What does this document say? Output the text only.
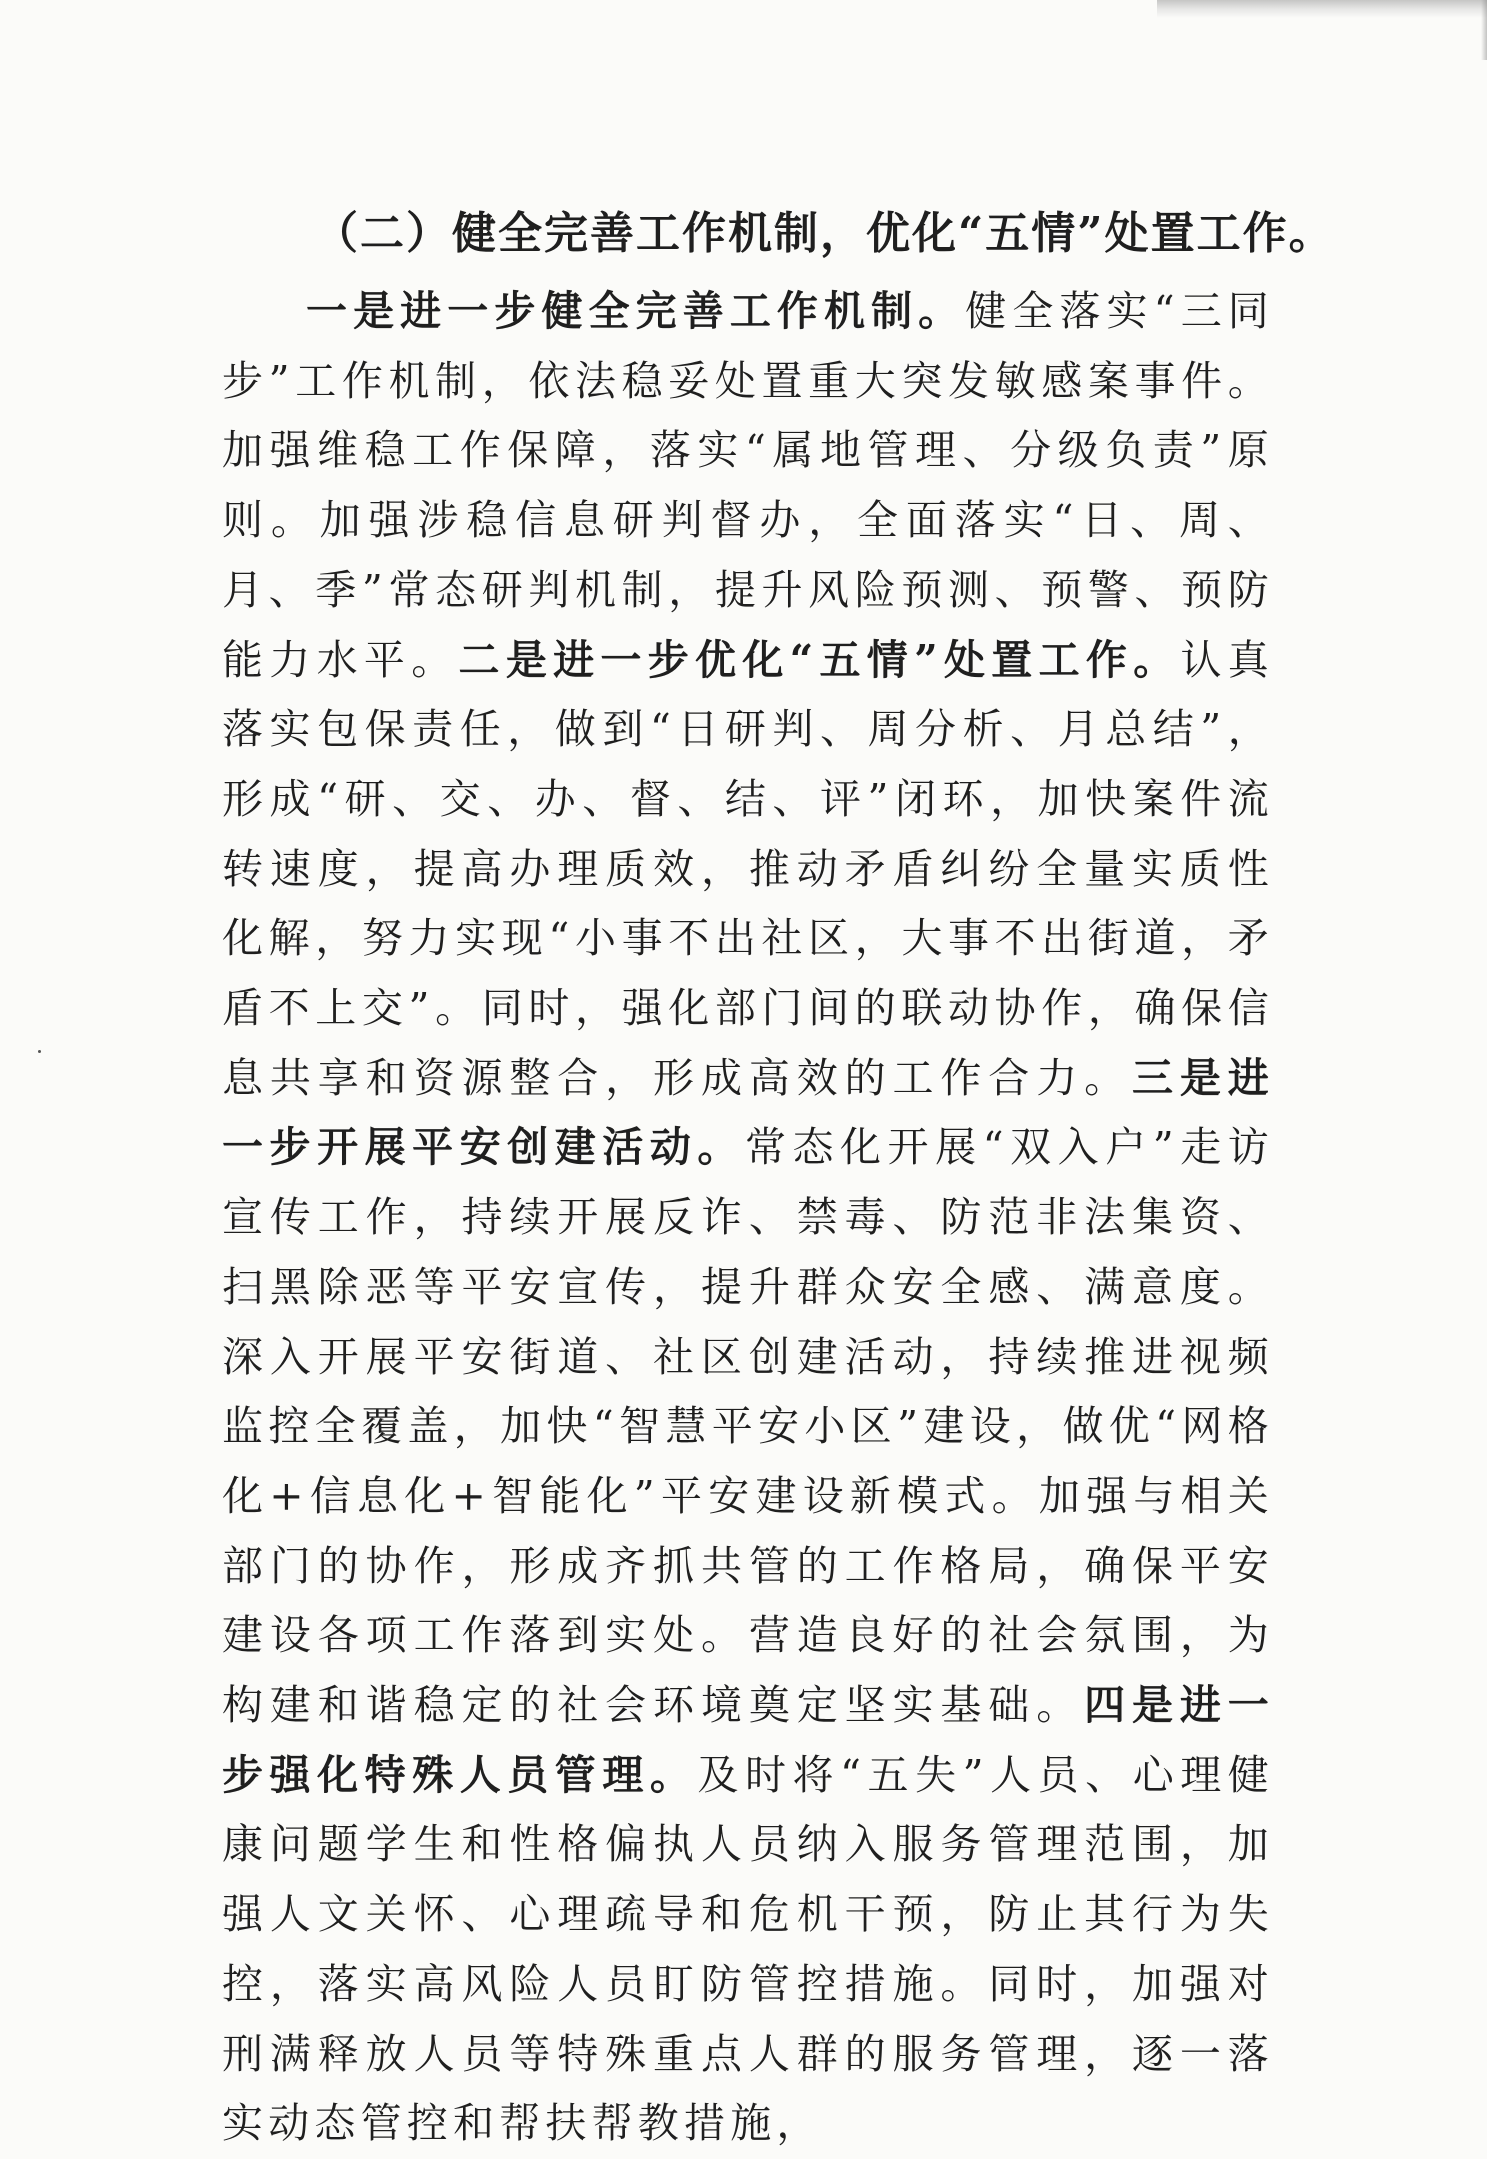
（二）健全完善工作机制，优化“五情”处置工作。

一是进一步健全完善工作机制。健全落实“三同步”工作机制，依法稳妥处置重大突发敏感案事件。加强维稳工作保障，落实“属地管理、分级负责”原则。加强涉稳信息研判督办，全面落实“日、周、月、季”常态研判机制，提升风险预测、预警、预防能力水平。二是进一步优化“五情”处置工作。认真落实包保责任，做到“日研判、周分析、月总结”，形成“研、交、办、督、结、评”闭环，加快案件流转速度，提高办理质效，推动矛盾纠纷全量实质性化解，努力实现“小事不出社区，大事不出街道，矛盾不上交”。同时，强化部门间的联动协作，确保信息共享和资源整合，形成高效的工作合力。三是进一步开展平安创建活动。常态化开展“双入户”走访宣传工作，持续开展反诈、禁毒、防范非法集资、扫黑除恶等平安宣传，提升群众安全感、满意度。深入开展平安街道、社区创建活动，持续推进视频监控全覆盖，加快“智慧平安小区”建设，做优“网格化+信息化+智能化”平安建设新模式。加强与相关部门的协作，形成齐抓共管的工作格局，确保平安建设各项工作落到实处。营造良好的社会氛围，为构建和谐稳定的社会环境奠定坚实基础。四是进一步强化特殊人员管理。及时将“五失”人员、心理健康问题学生和性格偏执人员纳入服务管理范围，加强人文关怀、心理疏导和危机干预，防止其行为失控，落实高风险人员盯防管控措施。同时，加强对刑满释放人员等特殊重点人群的服务管理，逐一落实动态管控和帮扶帮教措施，
